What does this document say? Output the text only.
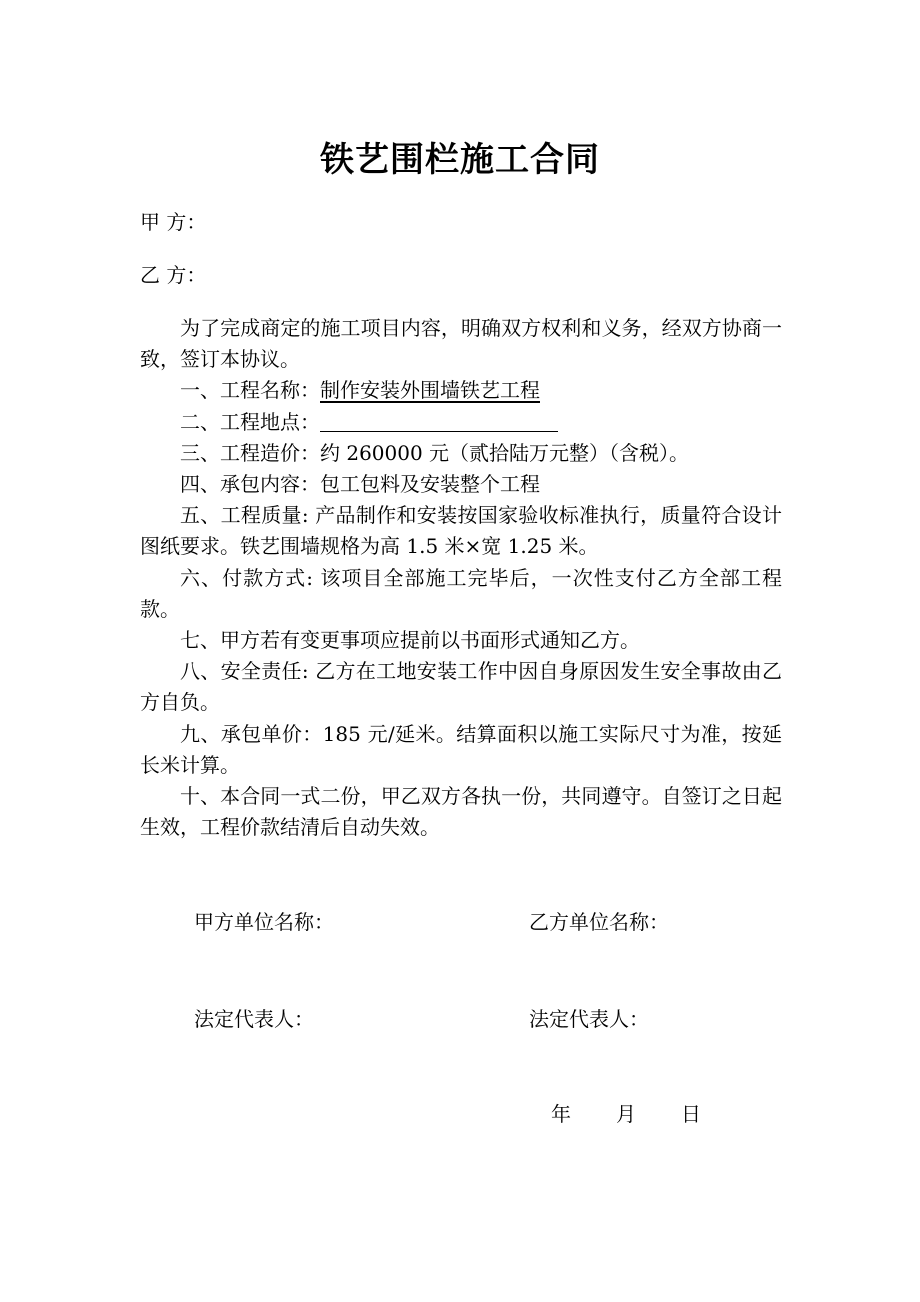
铁艺围栏施工合同
甲 方：
乙 方：

为了完成商定的施工项目内容，明确双方权利和义务，经双方协商一致，签订本协议。

一、工程名称：制作安装外围墙铁艺工程

二、工程地点：

三、工程造价：约 260000 元（贰拾陆万元整）（含税）。

四、承包内容：包工包料及安装整个工程

五、工程质量: 产品制作和安装按国家验收标准执行，质量符合设计图纸要求。铁艺围墙规格为高 1.5 米×宽 1.25 米。

六、付款方式: 该项目全部施工完毕后，一次性支付乙方全部工程款。

七、甲方若有变更事项应提前以书面形式通知乙方。

八、安全责任: 乙方在工地安装工作中因自身原因发生安全事故由乙方自负。

九、承包单价：185 元/延米。结算面积以施工实际尺寸为准，按延长米计算。

十、本合同一式二份，甲乙双方各执一份，共同遵守。自签订之日起生效，工程价款结清后自动失效。

甲方单位名称：	乙方单位名称：
法定代表人：	法定代表人：
年 月 日
